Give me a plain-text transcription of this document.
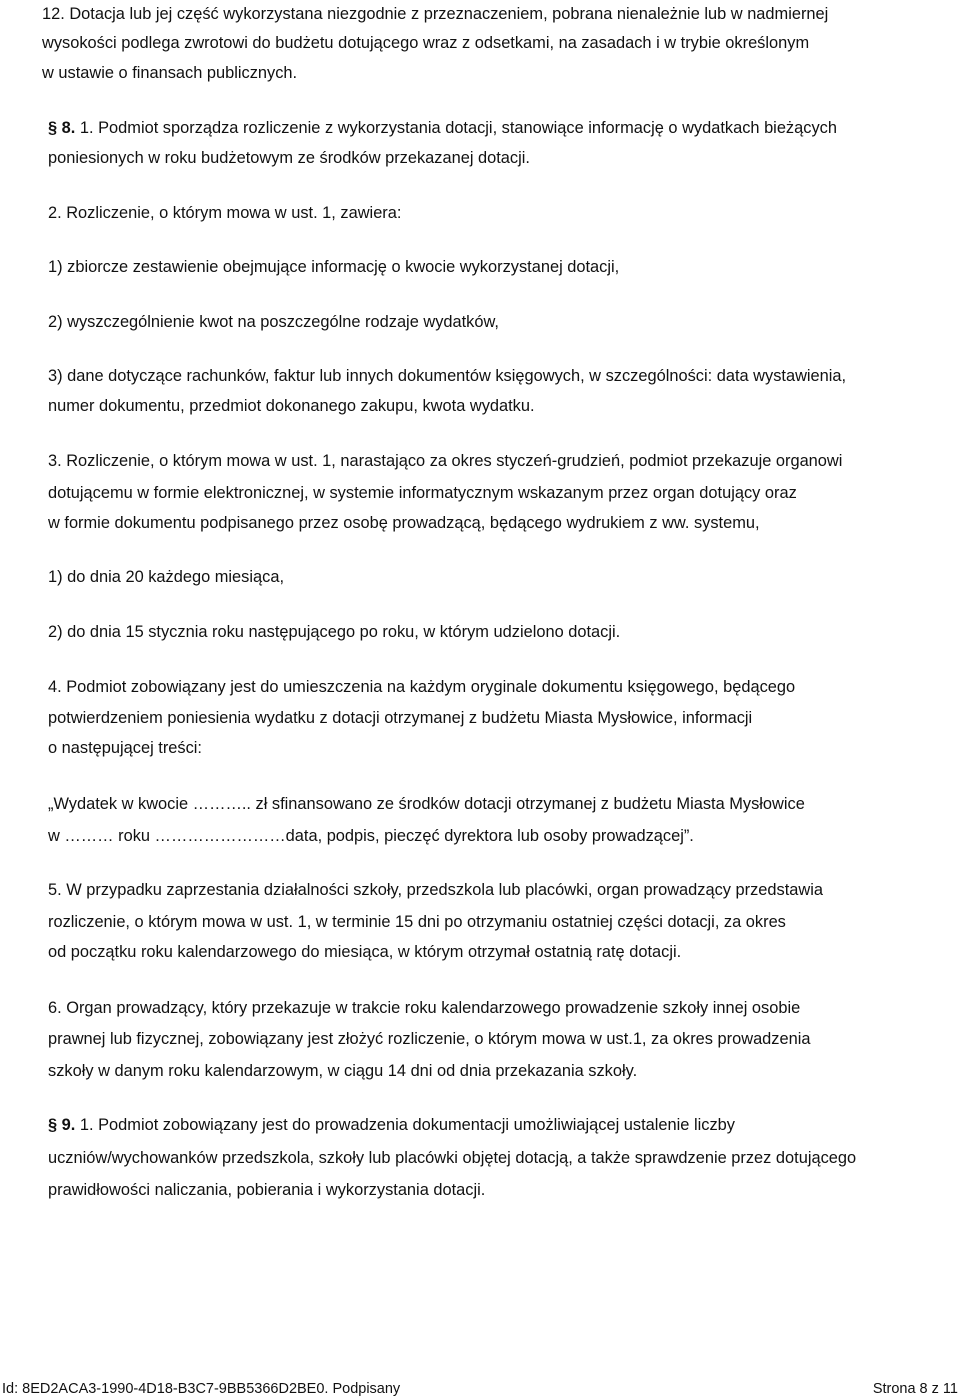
12. Dotacja lub jej część wykorzystana niezgodnie z przeznaczeniem, pobrana nienależnie lub w nadmiernej
wysokości podlega zwrotowi do budżetu dotującego wraz z odsetkami, na zasadach i w trybie określonym
w ustawie o finansach publicznych.
§ 8. 1. Podmiot sporządza rozliczenie z wykorzystania dotacji, stanowiące informację o wydatkach bieżących
poniesionych w roku budżetowym ze środków przekazanej dotacji.
2. Rozliczenie, o którym mowa w ust. 1, zawiera:
1) zbiorcze zestawienie obejmujące informację o kwocie wykorzystanej dotacji,
2) wyszczególnienie kwot na poszczególne rodzaje wydatków,
3) dane dotyczące rachunków, faktur lub innych dokumentów księgowych, w szczególności: data wystawienia,
numer dokumentu, przedmiot dokonanego zakupu, kwota wydatku.
3. Rozliczenie, o którym mowa w ust. 1, narastająco za okres styczeń-grudzień, podmiot przekazuje organowi
dotującemu w formie elektronicznej, w systemie informatycznym wskazanym przez organ dotujący oraz
w formie dokumentu podpisanego przez osobę prowadzącą, będącego wydrukiem z ww. systemu,
1) do dnia 20 każdego miesiąca,
2) do dnia 15 stycznia roku następującego po roku, w którym udzielono dotacji.
4. Podmiot zobowiązany jest do umieszczenia na każdym oryginale dokumentu księgowego, będącego
potwierdzeniem poniesienia wydatku z dotacji otrzymanej z budżetu Miasta Mysłowice, informacji
o następującej treści:
„Wydatek w kwocie ……….. zł sfinansowano ze środków dotacji otrzymanej z budżetu Miasta Mysłowice
w ……… roku ……………………data, podpis, pieczęć dyrektora lub osoby prowadzącej”.
5. W przypadku zaprzestania działalności szkoły, przedszkola lub placówki, organ prowadzący przedstawia
rozliczenie, o którym mowa w ust. 1, w terminie 15 dni po otrzymaniu ostatniej części dotacji, za okres
od początku roku kalendarzowego do miesiąca, w którym otrzymał ostatnią ratę dotacji.
6. Organ prowadzący, który przekazuje w trakcie roku kalendarzowego prowadzenie szkoły innej osobie
prawnej lub fizycznej, zobowiązany jest złożyć rozliczenie, o którym mowa w ust.1, za okres prowadzenia
szkoły w danym roku kalendarzowym, w ciągu 14 dni od dnia przekazania szkoły.
§ 9. 1. Podmiot zobowiązany jest do prowadzenia dokumentacji umożliwiającej ustalenie liczby
uczniów/wychowanków przedszkola, szkoły lub placówki objętej dotacją, a także sprawdzenie przez dotującego
prawidłowości naliczania, pobierania i wykorzystania dotacji.
Id: 8ED2ACA3-1990-4D18-B3C7-9BB5366D2BE0. Podpisany	Strona 8 z 11
